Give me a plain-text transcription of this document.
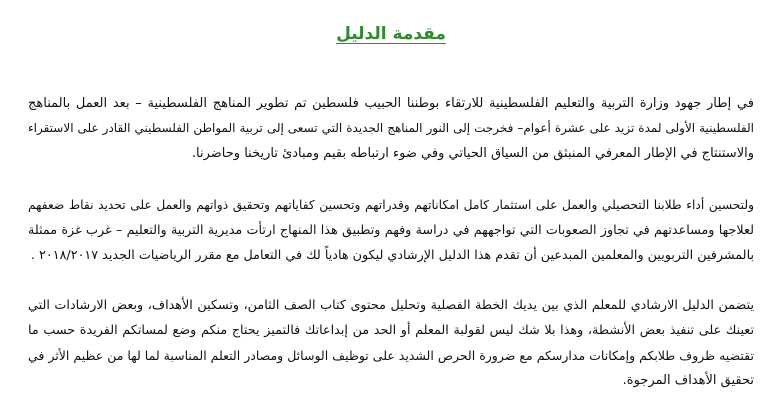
مقدمة الدليل

في إطار جهود وزارة التربية والتعليم الفلسطينية للارتقاء بوطننا الحبيب فلسطين تم تطوير المناهج الفلسطينية – بعد العمل بالمناهج
الفلسطينية الأولى لمدة تزيد على عشرة أعوام– فخرجت إلى النور المناهج الجديدة التي تسعى إلى تربية المواطن الفلسطيني القادر على الاستقراء
والاستنتاج في الإطار المعرفي المنبثق من السياق الحياتي وفي ضوء ارتباطه بقيم ومبادئ تاريخنا وحاضرنا.

ولتحسين أداء طلابنا التحصيلي والعمل على استثمار كامل امكاناتهم وقدراتهم وتحسين كفاياتهم وتحقيق ذواتهم والعمل على تحديد نقاط ضعفهم
لعلاجها ومساعدتهم في تجاوز الصعوبات التي تواجههم في دراسة وفهم وتطبيق هذا المنهاج ارتأت مديرية التربية والتعليم – غرب غزة ممثلة
بالمشرفين التربويين والمعلمين المبدعين أن تقدم هذا الدليل الإرشادي ليكون هادياً لك في التعامل مع مقرر الرياضيات الجديد ٢٠١٨/٢٠١٧ .

يتضمن الدليل الارشادي للمعلم الذي بين يديك الخطة الفصلية وتحليل محتوى كتاب الصف الثامن، وتسكين الأهداف، وبعض الارشادات التي
تعينك على تنفيذ بعض الأنشطة، وهذا بلا شك ليس لقولبة المعلم أو الحد من إبداعاتك فالتميز يحتاج منكم وضع لمساتكم الفريدة حسب ما
تقتضيه ظروف طلابكم وإمكانات مدارسكم مع ضرورة الحرص الشديد على توظيف الوسائل ومصادر التعلم المناسبة لما لها من عظيم الأثر في
تحقيق الأهداف المرجوة.
